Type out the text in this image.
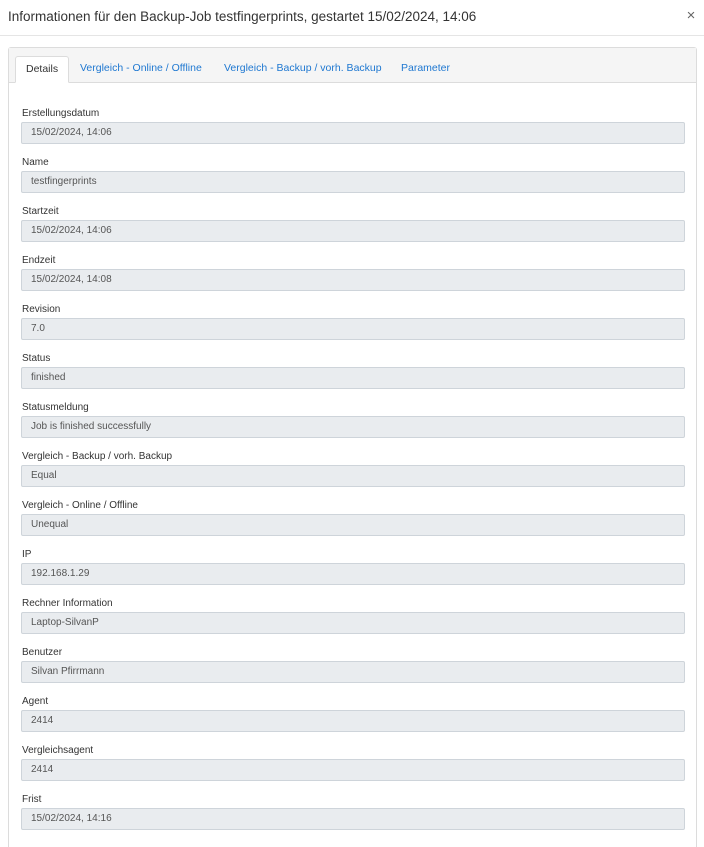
Informationen für den Backup-Job testfingerprints, gestartet 15/02/2024, 14:06	×
Details	Vergleich - Online / Offline Vergleich - Backup / vorh. Backup Parameter
Erstellungsdatum
15/02/2024, 14:06
Name
testfingerprints
Startzeit
15/02/2024, 14:06
Endzeit
15/02/2024, 14:08
Revision
7.0
Status
finished
Statusmeldung
Job is finished successfully
Vergleich - Backup / vorh. Backup
Equal
Vergleich - Online / Offline
Unequal
IP
192.168.1.29
Rechner Information
Laptop-SilvanP
Benutzer
Silvan Pfirrmann
Agent
2414
Vergleichsagent
2414
Frist
15/02/2024, 14:16
